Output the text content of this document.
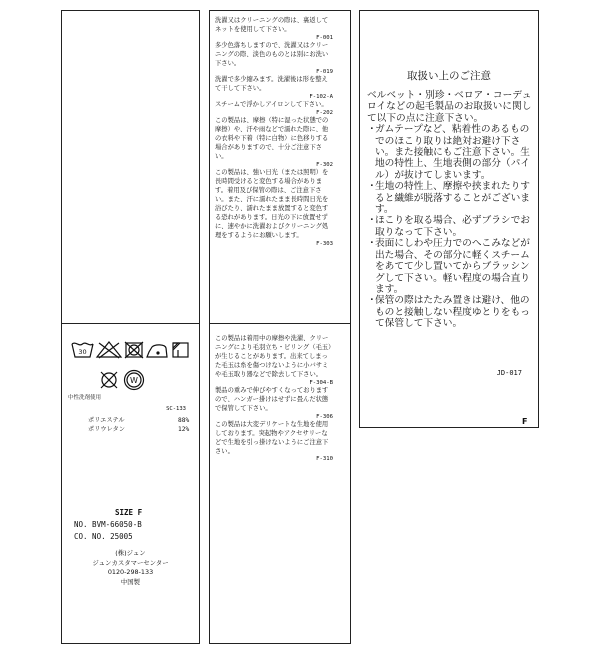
30
W
中性洗剤使用
SC-133
ポリエステル	88%
ポリウレタン	12%
SIZE F
NO. BVM-66050-B
CO. NO. 25005
(株)ジュン
ジュンカスタマーセンター
0120-298-133
中国製

洗濯又はクリーニングの際は、裏返してネットを使用して下さい。

F-001

多少色落ちしますので、洗濯又はクリーニングの際、淡色のものとは別にお洗い下さい。

F-019

洗濯で多少縮みます。洗濯後は形を整えて干して下さい。

F-102-A

スチームで浮かしアイロンして下さい。

F-202

この製品は、摩擦（特に湿った状態での摩擦）や、汗や雨などで濡れた際に、他の衣料や下着（特に白物）に色移りする場合がありますので、十分ご注意下さい。

F-302

この製品は、強い日光（または照明）を長時間受けると変色する場合があります。着用及び保管の際は、ご注意下さい。また、汗に濡れたまま長時間日光を浴びたり、濡れたまま放置すると変色する恐れがあります。日光の下に放置せずに、速やかに洗濯およびクリーニング処理をするようにお願いします。

F-303

この製品は着用中の摩擦や洗濯、クリーニングにより毛羽立ち・ピリング（毛玉）が生じることがあります。出来てしまった毛玉は糸を傷つけないように小バサミや毛玉取り器などで除去して下さい。

F-304-B

製品の重みで伸びやすくなっておりますので、ハンガー掛けはせずに畳んだ状態で保管して下さい。

F-306

この製品は大変デリケートな生地を使用しております。突起物やアクセサリーなどで生地を引っ掛けないようにご注意下さい。

F-310

取扱い上のご注意

ベルベット・別珍・ベロア・コーデュロイなどの起毛製品のお取扱いに関して以下の点に注意下さい。

・
ガムテープなど、粘着性のあるものでのほこり取りは絶対お避け下さい。また接触にもご注意下さい。生地の特性上、生地表側の部分（パイル）が抜けてしまいます。
・
生地の特性上、摩擦や挟まれたりすると繊維が脱落することがございます。
・
ほこりを取る場合、必ずブラシでお取りなって下さい。
・
表面にしわや圧力でのへこみなどが出た場合、その部分に軽くスチームをあてて少し置いてからブラッシングして下さい。軽い程度の場合直ります。
・
保管の際はたたみ置きは避け、他のものと接触しない程度ゆとりをもって保管して下さい。
JD-017
F
